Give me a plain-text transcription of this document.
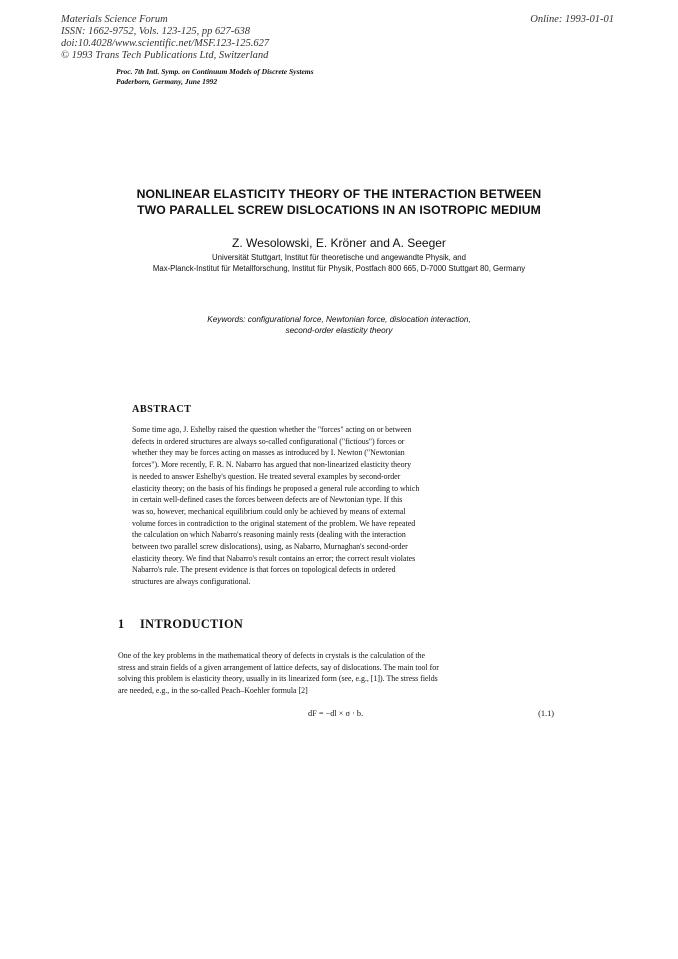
Materials Science Forum
ISSN: 1662-9752, Vols. 123-125, pp 627-638
doi:10.4028/www.scientific.net/MSF.123-125.627
© 1993 Trans Tech Publications Ltd, Switzerland
Online: 1993-01-01
Proc. 7th Intl. Symp. on Continuum Models of Discrete Systems
Paderborn, Germany, June 1992
NONLINEAR ELASTICITY THEORY OF THE INTERACTION BETWEEN
TWO PARALLEL SCREW DISLOCATIONS IN AN ISOTROPIC MEDIUM
Z. Wesolowski, E. Kröner and A. Seeger
Universität Stuttgart, Institut für theoretische und angewandte Physik, and
Max-Planck-Institut für Metallforschung, Institut für Physik, Postfach 800 665, D-7000 Stuttgart 80, Germany
Keywords: configurational force, Newtonian force, dislocation interaction,
second-order elasticity theory
ABSTRACT
Some time ago, J. Eshelby raised the question whether the "forces" acting on or between
defects in ordered structures are always so-called configurational ("fictious") forces or
whether they may be forces acting on masses as introduced by I. Newton ("Newtonian
forces"). More recently, F. R. N. Nabarro has argued that non-linearized elasticity theory
is needed to answer Eshelby's question. He treated several examples by second-order
elasticity theory; on the basis of his findings he proposed a general rule according to which
in certain well-defined cases the forces between defects are of Newtonian type. If this
was so, however, mechanical equilibrium could only be achieved by means of external
volume forces in contradiction to the original statement of the problem. We have repeated
the calculation on which Nabarro's reasoning mainly rests (dealing with the interaction
between two parallel screw dislocations), using, as Nabarro, Murnaghan's second-order
elasticity theory. We find that Nabarro's result contains an error; the correct result violates
Nabarro's rule. The present evidence is that forces on topological defects in ordered
structures are always configurational.
1 INTRODUCTION
One of the key problems in the mathematical theory of defects in crystals is the calculation of the
stress and strain fields of a given arrangement of lattice defects, say of dislocations. The main tool for
solving this problem is elasticity theory, usually in its linearized form (see, e.g., [1]). The stress fields
are needed, e.g., in the so-called Peach–Koehler formula [2]
dF = −dl × σ · b.	(1.1)
